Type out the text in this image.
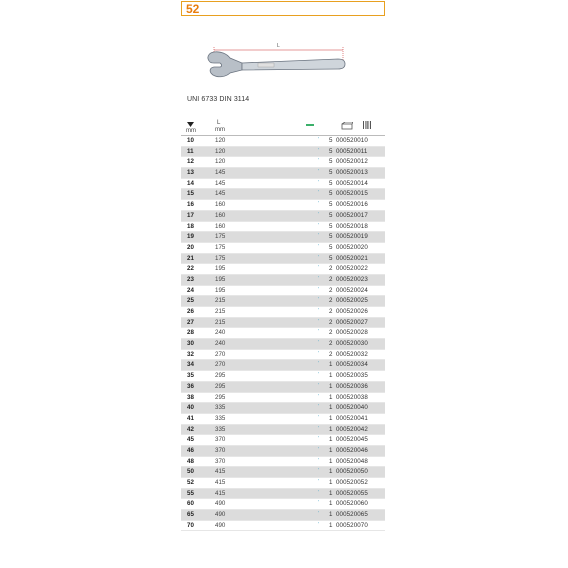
52
L
UNI 6733 DIN 3114
mm
L
mm
10	120	5 000520010
'
11	120	5 000520011
'
12	120	5 000520012
'
13	145	5 000520013
'
14	145	5 000520014
'
15	145	5 000520015
'
16	160	5 000520016
'
17	160	5 000520017
'
18	160	5 000520018
'
19	175	5 000520019
'
20	175	5 000520020
'
21	175	5 000520021
'
22	195	2 000520022
'
23	195	2 000520023
'
24	195	2 000520024
'
25	215	2 000520025
'
26	215	2 000520026
'
27	215	2 000520027
'
28	240	2 000520028
'
30	240	2 000520030
'
32	270	2 000520032
'
34	270	1 000520034
'
35	295	1 000520035
'
36	295	1 000520036
'
38	295	1 000520038
'
40	335	1 000520040
'
41	335	1 000520041
'
42	335	1 000520042
'
45	370	1 000520045
'
46	370	1 000520046
'
48	370	1 000520048
'
50	415	1 000520050
'
52	415	1 000520052
'
55	415	1 000520055
'
60	490	1 000520060
'
65	490	1 000520065
'
70	490	1 000520070
'
